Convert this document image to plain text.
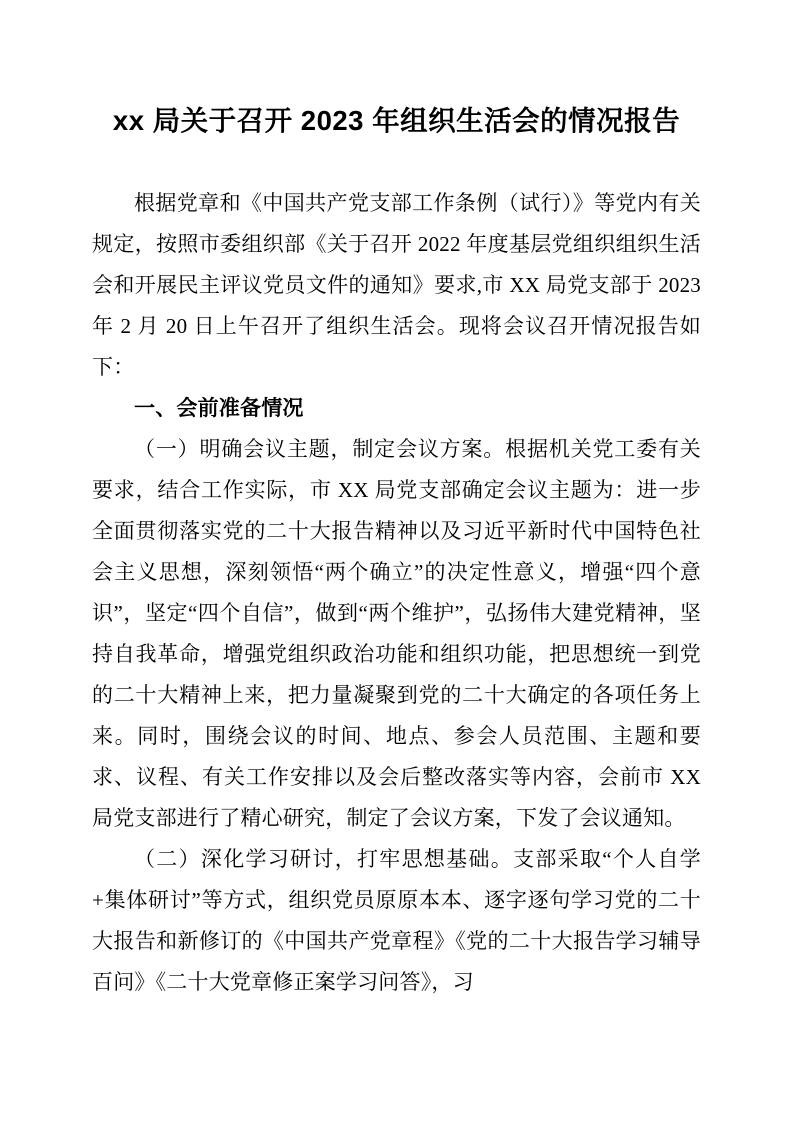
xx 局关于召开 2023 年组织生活会的情况报告

根据党章和《中国共产党支部工作条例（试行）》等党内有关规定，按照市委组织部《关于召开 2022 年度基层党组织组织生活会和开展民主评议党员文件的通知》要求,市 XX 局党支部于 2023 年 2 月 20 日上午召开了组织生活会。现将会议召开情况报告如下：

一、会前准备情况

（一）明确会议主题，制定会议方案。根据机关党工委有关要求，结合工作实际，市 XX 局党支部确定会议主题为：进一步全面贯彻落实党的二十大报告精神以及习近平新时代中国特色社会主义思想，深刻领悟“两个确立”的决定性意义，增强“四个意识”，坚定“四个自信”，做到“两个维护”，弘扬伟大建党精神，坚持自我革命，增强党组织政治功能和组织功能，把思想统一到党的二十大精神上来，把力量凝聚到党的二十大确定的各项任务上来。同时，围绕会议的时间、地点、参会人员范围、主题和要求、议程、有关工作安排以及会后整改落实等内容，会前市 XX 局党支部进行了精心研究，制定了会议方案，下发了会议通知。

（二）深化学习研讨，打牢思想基础。支部采取“个人自学+集体研讨”等方式，组织党员原原本本、逐字逐句学习党的二十大报告和新修订的《中国共产党章程》《党的二十大报告学习辅导百问》《二十大党章修正案学习问答》，习
